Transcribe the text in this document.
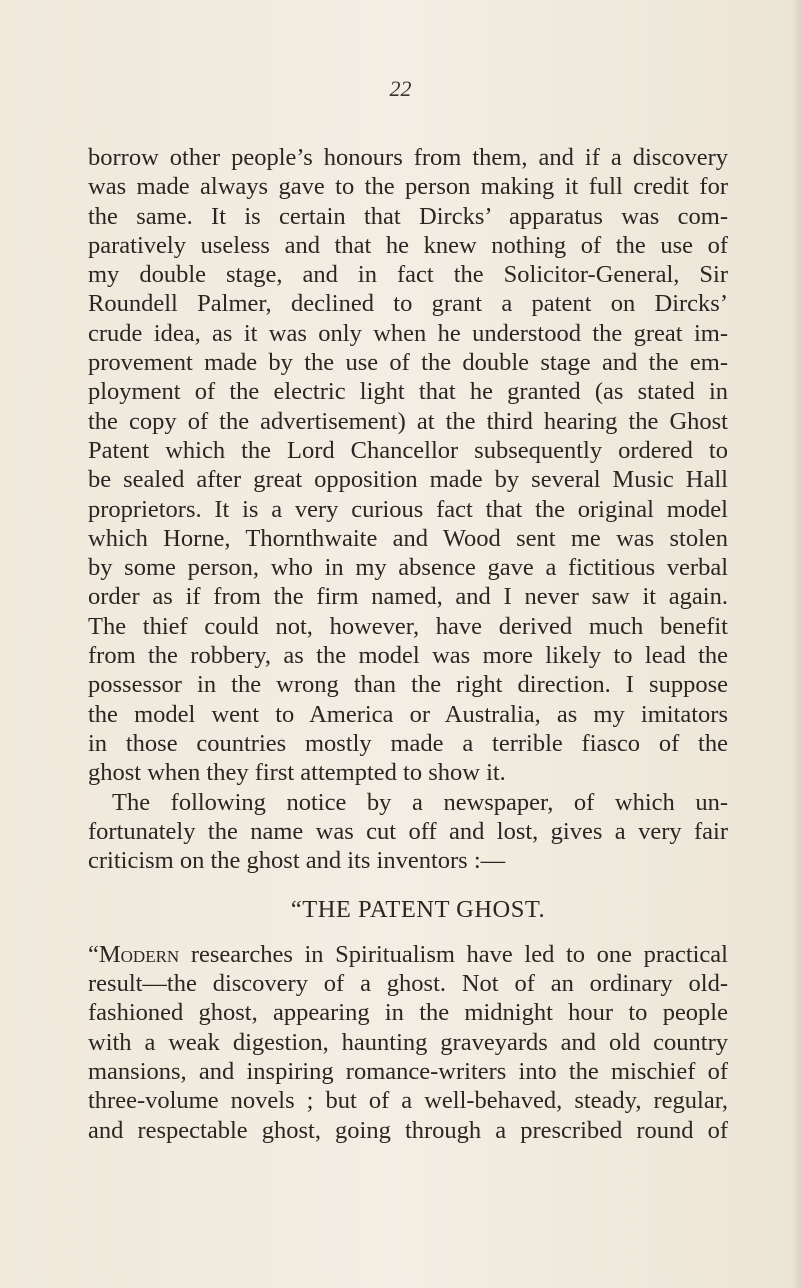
22
borrow other people’s honours from them, and if a discovery
was made always gave to the person making it full credit for
the same. It is certain that Dircks’ apparatus was com-
paratively useless and that he knew nothing of the use of
my double stage, and in fact the Solicitor-General, Sir
Roundell Palmer, declined to grant a patent on Dircks’
crude idea, as it was only when he understood the great im-
provement made by the use of the double stage and the em-
ployment of the electric light that he granted (as stated in
the copy of the advertisement) at the third hearing the Ghost
Patent which the Lord Chancellor subsequently ordered to
be sealed after great opposition made by several Music Hall
proprietors. It is a very curious fact that the original model
which Horne, Thornthwaite and Wood sent me was stolen
by some person, who in my absence gave a fictitious verbal
order as if from the firm named, and I never saw it again.
The thief could not, however, have derived much benefit
from the robbery, as the model was more likely to lead the
possessor in the wrong than the right direction. I suppose
the model went to America or Australia, as my imitators
in those countries mostly made a terrible fiasco of the
ghost when they first attempted to show it.
The following notice by a newspaper, of which un-
fortunately the name was cut off and lost, gives a very fair
criticism on the ghost and its inventors :—
“THE PATENT GHOST.
“Modern researches in Spiritualism have led to one practical
result—the discovery of a ghost. Not of an ordinary old-
fashioned ghost, appearing in the midnight hour to people
with a weak digestion, haunting graveyards and old country
mansions, and inspiring romance-writers into the mischief of
three-volume novels ; but of a well-behaved, steady, regular,
and respectable ghost, going through a prescribed round of
